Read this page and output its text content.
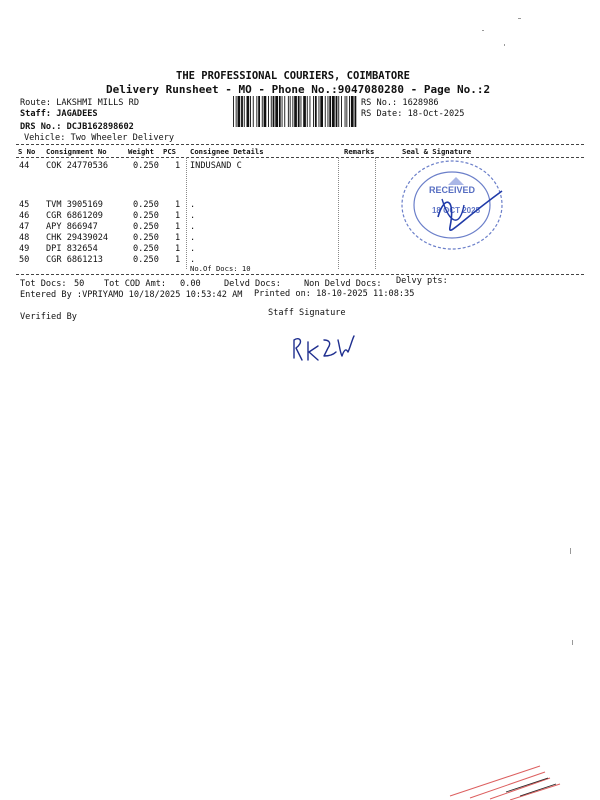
THE PROFESSIONAL COURIERS, COIMBATORE
Delivery Runsheet - MO - Phone No.:9047080280 - Page No.:2
Route: LAKSHMI MILLS RD
Staff: JAGADEES
DRS No.: DCJB162898602
Vehicle: Two Wheeler Delivery
RS No.: 1628986
RS Date: 18-Oct-2025
S No Consignment No	Weight PCS Consignee Details	Remarks	Seal & Signature
44 COK 24770536	0.250 1 INDUSAND C
45 TVM 3905169	0.250 1 .
46 CGR 6861209	0.250 1 .
47 APY 866947	0.250 1 .
48 CHK 29439024	0.250 1 .
49 DPI 832654	0.250 1 .
50 CGR 6861213	0.250 1 .
No.Of Docs: 10
RECEIVED
18 OCT 2025
Tot Docs: 50 Tot COD Amt: 0.00	Delvd Docs:	Non Delvd Docs: Delvy pts:
Entered By :VPRIYAMO 10/18/2025 10:53:42 AM Printed on: 18-10-2025 11:08:35
Verified By	Staff Signature
